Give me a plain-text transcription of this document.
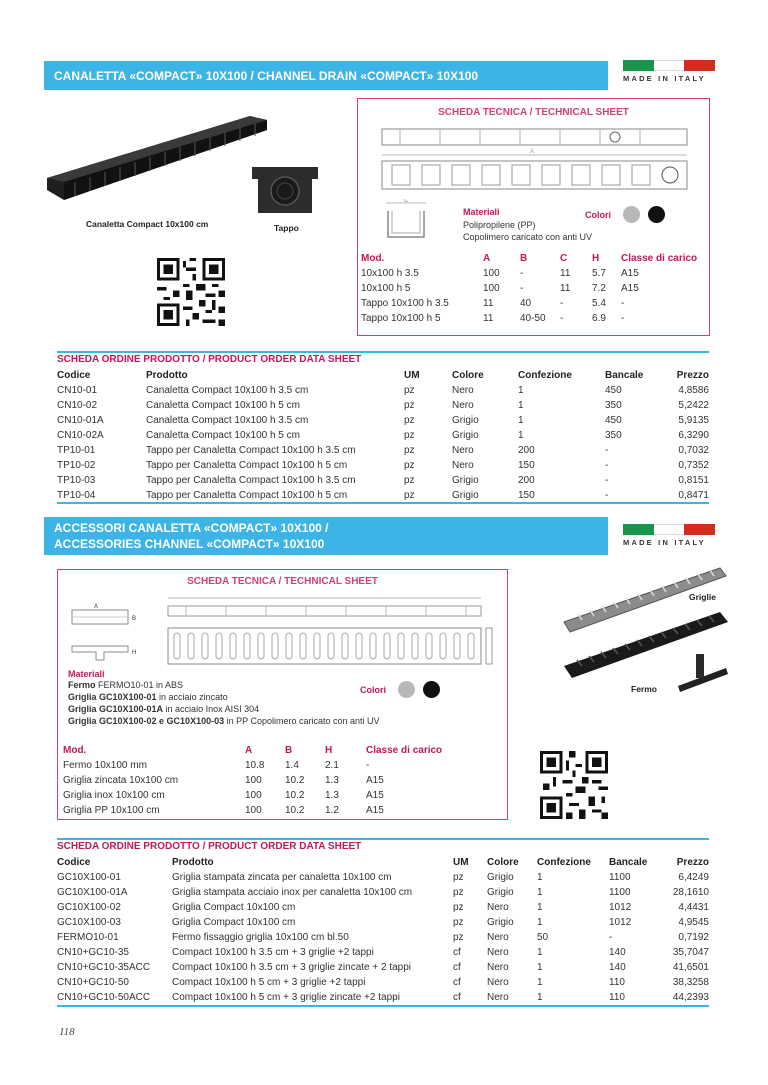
CANALETTA «COMPACT» 10X100 / CHANNEL DRAIN «COMPACT» 10X100	MADE IN ITALY
Canaletta Compact 10x100 cm	Tappo
SCHEDA TECNICA / TECHNICAL SHEET
A
C
Materiali
Polipropilene (PP)
Copolimero caricato con anti UV
Colori
Mod.	A	B	C	H	Classe di carico
10x100 h 3.5	100	-	11	5.7	A15
10x100 h 5	100	-	11	7.2	A15
Tappo 10x100 h 3.5	11	40	-	5.4	-
Tappo 10x100 h 5	11	40-50	-	6.9	-
SCHEDA ORDINE PRODOTTO / PRODUCT ORDER DATA SHEET
Codice	Prodotto	UM	Colore	Confezione	Bancale	Prezzo
CN10-01	Canaletta Compact 10x100 h 3.5 cm	pz	Nero	1	450	4,8586
CN10-02	Canaletta Compact 10x100 h 5 cm	pz	Nero	1	350	5,2422
CN10-01A	Canaletta Compact 10x100 h 3.5 cm	pz	Grigio	1	450	5,9135
CN10-02A	Canaletta Compact 10x100 h 5 cm	pz	Grigio	1	350	6,3290
TP10-01	Tappo per Canaletta Compact 10x100 h 3.5 cm	pz	Nero	200	-	0,7032
TP10-02	Tappo per Canaletta Compact 10x100 h 5 cm	pz	Nero	150	-	0,7352
TP10-03	Tappo per Canaletta Compact 10x100 h 3.5 cm	pz	Grigio	200	-	0,8151
TP10-04	Tappo per Canaletta Compact 10x100 h 5 cm	pz	Grigio	150	-	0,8471
ACCESSORI CANALETTA «COMPACT» 10X100 /
ACCESSORIES CHANNEL «COMPACT» 10X100	MADE IN ITALY
SCHEDA TECNICA / TECHNICAL SHEET
A
B
H
Materiali
Fermo FERMO10-01 in ABS
Griglia GC10X100-01 in acciaio zincato
Griglia GC10X100-01A in acciaio Inox AISI 304
Griglia GC10X100-02 e GC10X100-03 in PP Copolimero caricato con anti UV
Colori
Mod.	A	B	H	Classe di carico
Fermo 10x100 mm	10.8	1.4	2.1	-
Griglia zincata 10x100 cm	100	10.2	1.3	A15
Griglia inox 10x100 cm	100	10.2	1.3	A15
Griglia PP 10x100 cm	100	10.2	1.2	A15
Griglie
Fermo
SCHEDA ORDINE PRODOTTO / PRODUCT ORDER DATA SHEET
Codice	Prodotto	UM	Colore	Confezione	Bancale	Prezzo
GC10X100-01	Griglia stampata zincata per canaletta 10x100 cm	pz	Grigio	1	1100	6,4249
GC10X100-01A	Griglia stampata acciaio inox per canaletta 10x100 cm	pz	Grigio	1	1100	28,1610
GC10X100-02	Griglia Compact 10x100 cm	pz	Nero	1	1012	4,4431
GC10X100-03	Griglia Compact 10x100 cm	pz	Grigio	1	1012	4,9545
FERMO10-01	Fermo fissaggio griglia 10x100 cm bl.50	pz	Nero	50	-	0,7192
CN10+GC10-35	Compact 10x100 h 3.5 cm + 3 griglie +2 tappi	cf	Nero	1	140	35,7047
CN10+GC10-35ACC	Compact 10x100 h 3.5 cm + 3 griglie zincate + 2 tappi	cf	Nero	1	140	41,6501
CN10+GC10-50	Compact 10x100 h 5 cm + 3 griglie +2 tappi	cf	Nero	1	110	38,3258
CN10+GC10-50ACC	Compact 10x100 h 5 cm + 3 griglie zincate +2 tappi	cf	Nero	1	110	44,2393
118
